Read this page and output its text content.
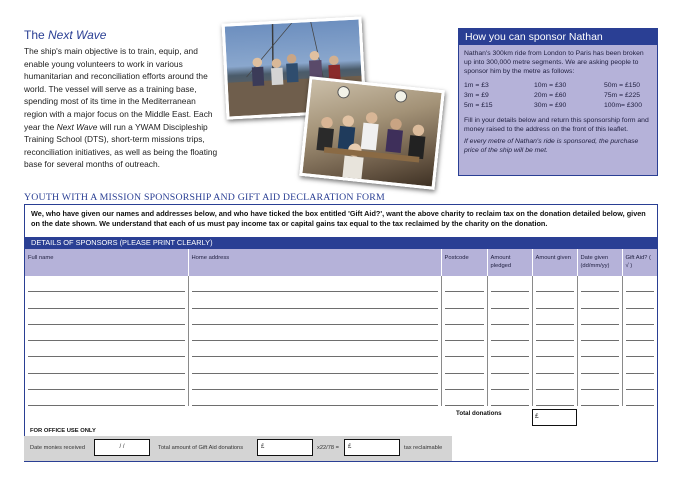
The Next Wave
The ship's main objective is to train, equip, and enable young volunteers to work in various humanitarian and reconciliation efforts around the world. The vessel will serve as a training base, spending most of its time in the Mediterranean region with a major focus on the Middle East. Each year the Next Wave will run a YWAM Discipleship Training School (DTS), short-term missions trips, reconciliation initiatives, as well as being the floating base for several months of outreach.
How you can sponsor Nathan
Nathan's 300km ride from London to Paris has been broken up into 300,000 metre segments. We are asking people to sponsor him by the metre as follows:
1m = £3	10m = £30	50m = £150
3m = £9	20m = £60	75m = £225
5m = £15	30m = £90	100m= £300
Fill in your details below and return this sponsorship form and money raised to the address on the front of this leaflet.
If every metre of Nathan's ride is sponsored, the purchase price of the ship will be met.
YOUTH WITH A MISSION SPONSORSHIP AND GIFT AID DECLARATION FORM
We, who have given our names and addresses below, and who have ticked the box entitled 'Gift Aid?', want the above charity to reclaim tax on the donation detailed below, given on the date shown. We understand that each of us must pay income tax or capital gains tax equal to the tax reclaimed by the charity on the donation.
DETAILS OF SPONSORS (PLEASE PRINT CLEARLY)
Full name	Home address	Postcode	Amount pledged	Amount given	Date given (dd/mm/yy)	Gift Aid? ( √ )

Total donations	£
FOR OFFICE USE ONLY
Date monies received	/ /	Total amount of Gift Aid donations	£	x22/78 =	£	tax reclaimable
